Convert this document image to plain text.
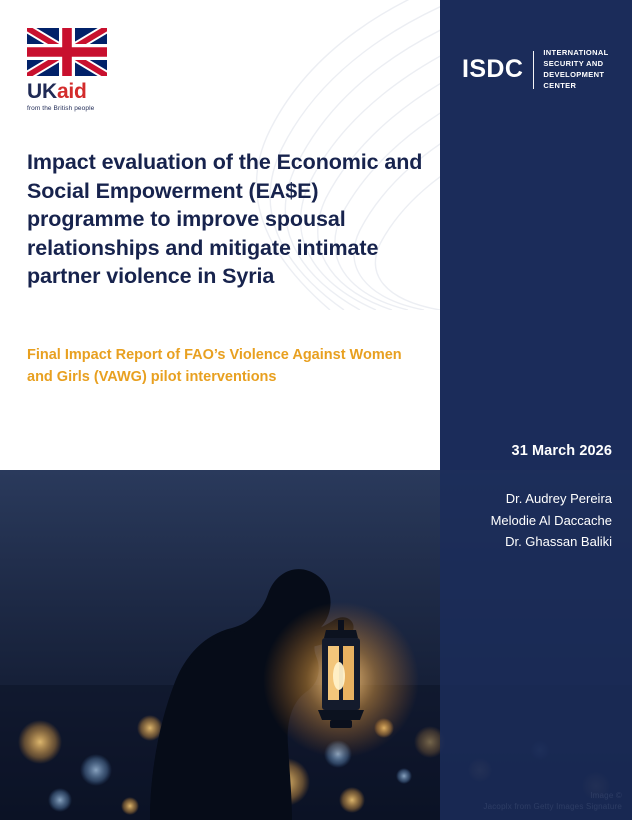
UKaid
from the British people
Impact evaluation of the Economic and Social Empowerment (EA$E) programme to improve spousal relationships and mitigate intimate partner violence in Syria
Final Impact Report of FAO’s Violence Against Women and Girls (VAWG) pilot interventions
ISDC
INTERNATIONAL
SECURITY AND
DEVELOPMENT
CENTER
31 March 2026
Dr. Audrey Pereira
Melodie Al Daccache
Dr. Ghassan Baliki
